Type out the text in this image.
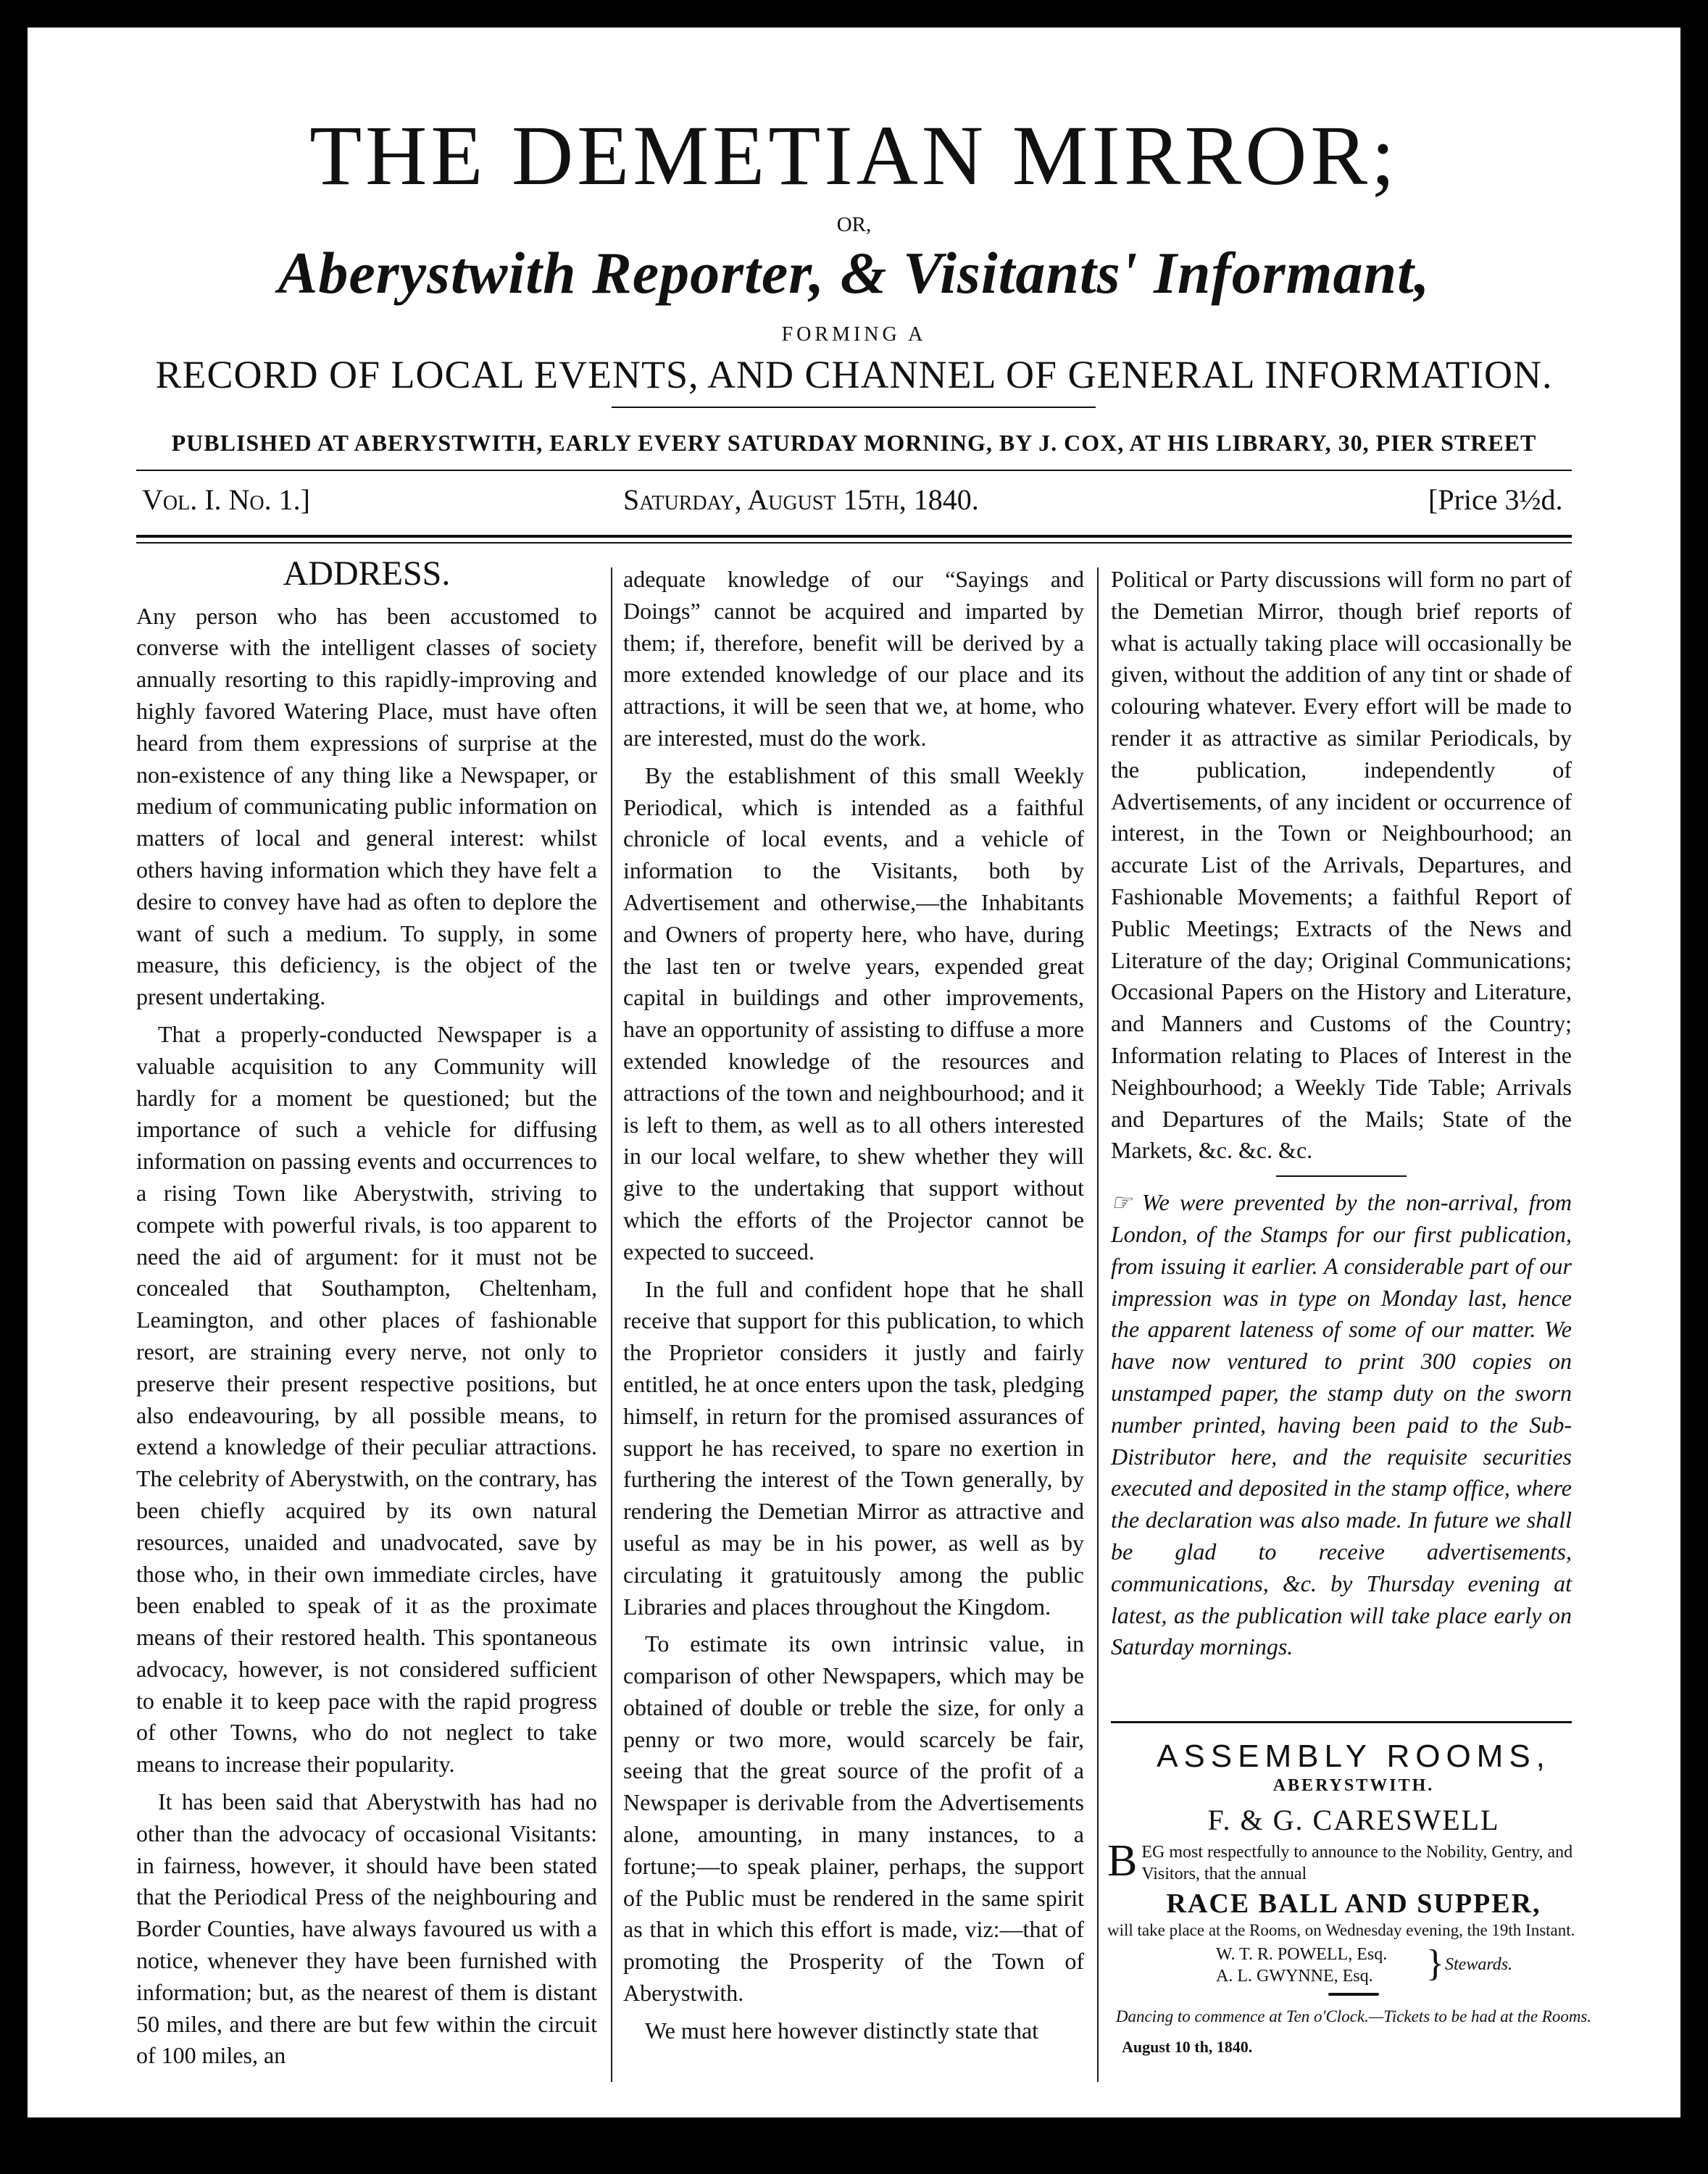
THE DEMETIAN MIRROR;
OR,
Aberystwith Reporter, & Visitants' Informant,
FORMING A
RECORD OF LOCAL EVENTS, AND CHANNEL OF GENERAL INFORMATION.
PUBLISHED AT ABERYSTWITH, EARLY EVERY SATURDAY MORNING, BY J. COX, AT HIS LIBRARY, 30, PIER STREET
Vol. I. No. 1.]	Saturday, August 15th, 1840.	[Price 3½d.

ADDRESS.

Any person who has been accustomed to converse with the intelligent classes of society annually resorting to this rapidly-improving and highly favored Watering Place, must have often heard from them expressions of surprise at the non-existence of any thing like a Newspaper, or medium of communicating public information on matters of local and general interest: whilst others having information which they have felt a desire to convey have had as often to deplore the want of such a medium. To supply, in some measure, this deficiency, is the object of the present undertaking.

That a properly-conducted Newspaper is a valuable acquisition to any Community will hardly for a moment be questioned; but the importance of such a vehicle for diffusing information on passing events and occurrences to a rising Town like Aberystwith, striving to compete with powerful rivals, is too apparent to need the aid of argument: for it must not be concealed that Southampton, Cheltenham, Leamington, and other places of fashionable resort, are straining every nerve, not only to preserve their present respective positions, but also endeavouring, by all possible means, to extend a knowledge of their peculiar attractions. The celebrity of Aberystwith, on the contrary, has been chiefly acquired by its own natural resources, unaided and unadvocated, save by those who, in their own immediate circles, have been enabled to speak of it as the proximate means of their restored health. This spontaneous advocacy, however, is not considered sufficient to enable it to keep pace with the rapid progress of other Towns, who do not neglect to take means to increase their popularity.

It has been said that Aberystwith has had no other than the advocacy of occasional Visitants: in fairness, however, it should have been stated that the Periodical Press of the neighbouring and Border Counties, have always favoured us with a notice, whenever they have been furnished with information; but, as the nearest of them is distant 50 miles, and there are but few within the circuit of 100 miles, an

adequate knowledge of our “Sayings and Doings” cannot be acquired and imparted by them; if, therefore, benefit will be derived by a more extended knowledge of our place and its attractions, it will be seen that we, at home, who are interested, must do the work.

By the establishment of this small Weekly Periodical, which is intended as a faithful chronicle of local events, and a vehicle of information to the Visitants, both by Advertisement and otherwise,—the Inhabitants and Owners of property here, who have, during the last ten or twelve years, expended great capital in buildings and other improvements, have an opportunity of assisting to diffuse a more extended knowledge of the resources and attractions of the town and neighbourhood; and it is left to them, as well as to all others interested in our local welfare, to shew whether they will give to the undertaking that support without which the efforts of the Projector cannot be expected to succeed.

In the full and confident hope that he shall receive that support for this publication, to which the Proprietor considers it justly and fairly entitled, he at once enters upon the task, pledging himself, in return for the promised assurances of support he has received, to spare no exertion in furthering the interest of the Town generally, by rendering the Demetian Mirror as attractive and useful as may be in his power, as well as by circulating it gratuitously among the public Libraries and places throughout the Kingdom.

To estimate its own intrinsic value, in comparison of other Newspapers, which may be obtained of double or treble the size, for only a penny or two more, would scarcely be fair, seeing that the great source of the profit of a Newspaper is derivable from the Advertisements alone, amounting, in many instances, to a fortune;—to speak plainer, perhaps, the support of the Public must be rendered in the same spirit as that in which this effort is made, viz:—that of promoting the Prosperity of the Town of Aberystwith.

We must here however distinctly state that

Political or Party discussions will form no part of the Demetian Mirror, though brief reports of what is actually taking place will occasionally be given, without the addition of any tint or shade of colouring whatever. Every effort will be made to render it as attractive as similar Periodicals, by the publication, independently of Advertisements, of any incident or occurrence of interest, in the Town or Neighbourhood; an accurate List of the Arrivals, Departures, and Fashionable Movements; a faithful Report of Public Meetings; Extracts of the News and Literature of the day; Original Communications; Occasional Papers on the History and Literature, and Manners and Customs of the Country; Information relating to Places of Interest in the Neighbourhood; a Weekly Tide Table; Arrivals and Departures of the Mails; State of the Markets, &c. &c. &c.

☞ We were prevented by the non-arrival, from London, of the Stamps for our first publication, from issuing it earlier. A considerable part of our impression was in type on Monday last, hence the apparent lateness of some of our matter. We have now ventured to print 300 copies on unstamped paper, the stamp duty on the sworn number printed, having been paid to the Sub-Distributor here, and the requisite securities executed and deposited in the stamp office, where the declaration was also made. In future we shall be glad to receive advertisements, communications, &c. by Thursday evening at latest, as the publication will take place early on Saturday mornings.

ASSEMBLY ROOMS,
ABERYSTWITH.
F. & G. CARESWELL
B EG most respectfully to announce to the Nobility, Gentry, and Visitors, that the annual
RACE BALL AND SUPPER,
will take place at the Rooms, on Wednesday evening, the 19th Instant.
W. T. R. POWELL, Esq.
A. L. GWYNNE, Esq. } Stewards.
Dancing to commence at Ten o'Clock.—Tickets to be had at the Rooms.
August 10 th, 1840.
